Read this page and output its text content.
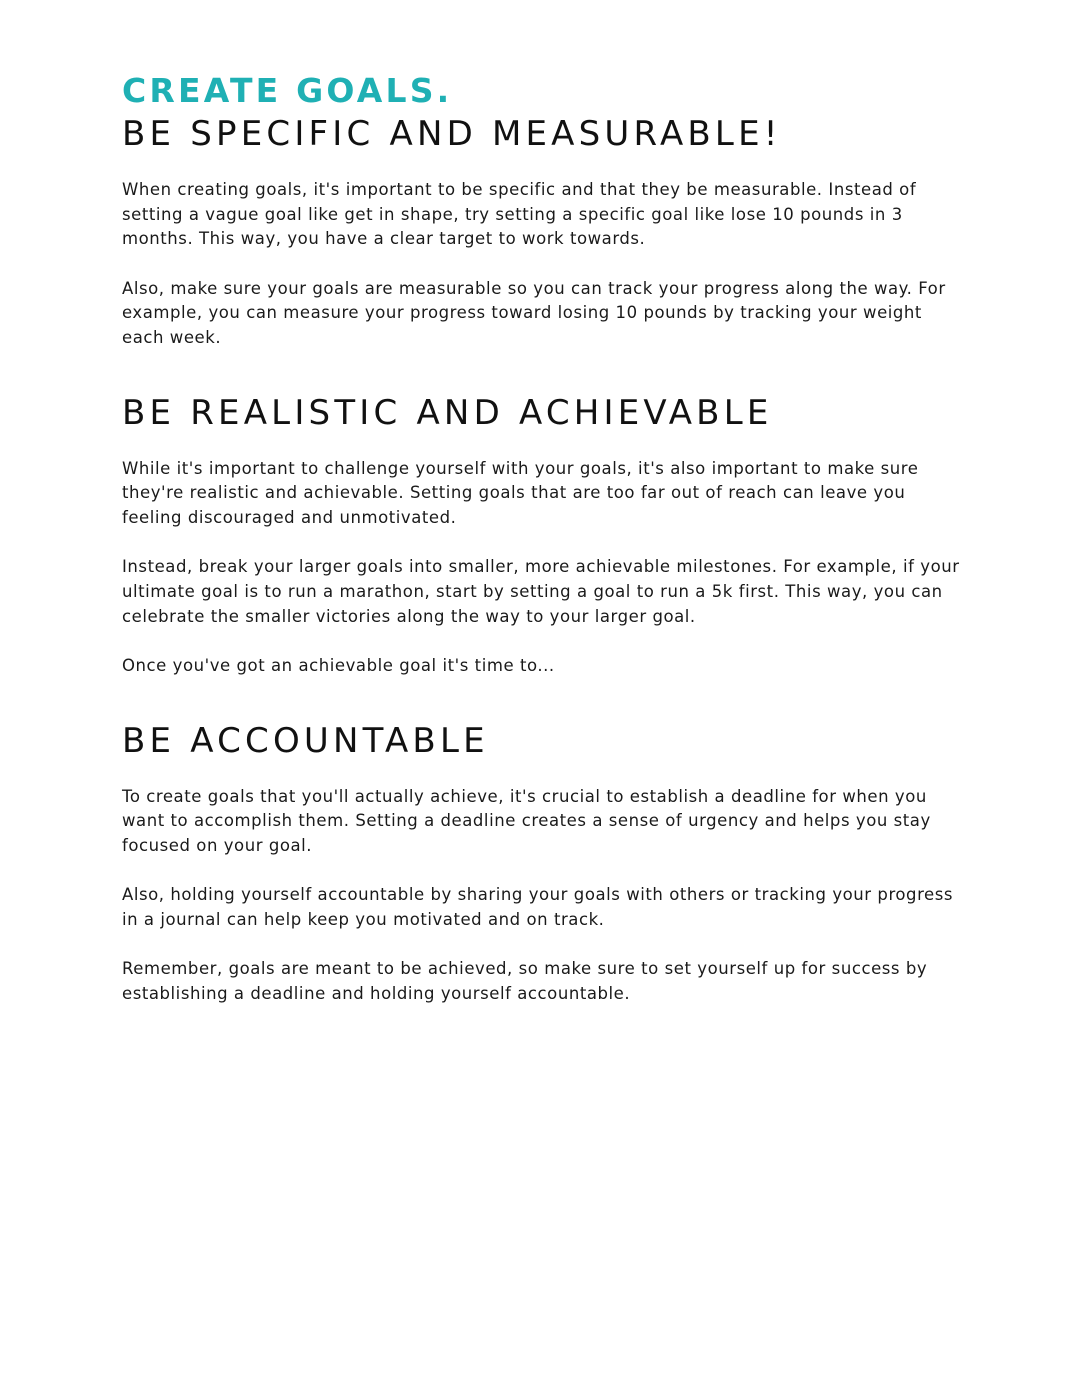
CREATE GOALS.
BE SPECIFIC AND MEASURABLE!

When creating goals, it's important to be specific and that they be measurable. Instead of setting a vague goal like get in shape, try setting a specific goal like lose 10 pounds in 3 months. This way, you have a clear target to work towards.

Also, make sure your goals are measurable so you can track your progress along the way. For example, you can measure your progress toward losing 10 pounds by tracking your weight each week.

BE REALISTIC AND ACHIEVABLE

While it's important to challenge yourself with your goals, it's also important to make sure they're realistic and achievable. Setting goals that are too far out of reach can leave you feeling discouraged and unmotivated.

Instead, break your larger goals into smaller, more achievable milestones. For example, if your ultimate goal is to run a marathon, start by setting a goal to run a 5k first. This way, you can celebrate the smaller victories along the way to your larger goal.

Once you've got an achievable goal it's time to...

BE ACCOUNTABLE

To create goals that you'll actually achieve, it's crucial to establish a deadline for when you want to accomplish them. Setting a deadline creates a sense of urgency and helps you stay focused on your goal.

Also, holding yourself accountable by sharing your goals with others or tracking your progress in a journal can help keep you motivated and on track.

Remember, goals are meant to be achieved, so make sure to set yourself up for success by establishing a deadline and holding yourself accountable.
